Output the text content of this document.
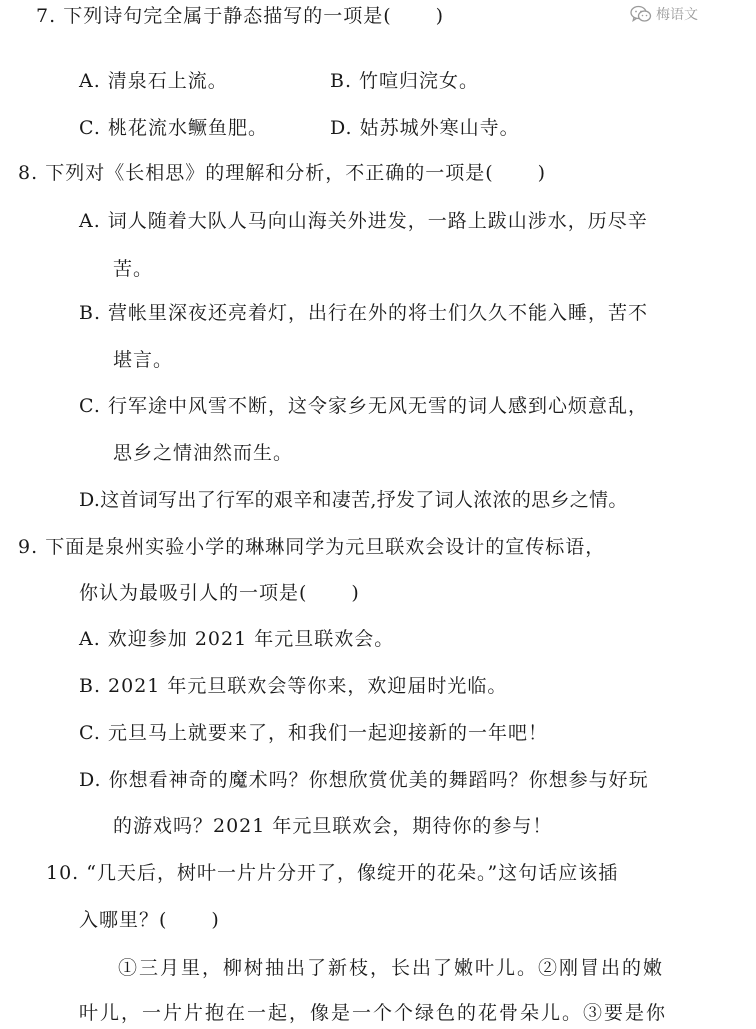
梅语文
7. 下列诗句完全属于静态描写的一项是( )
A. 清泉石上流。	B. 竹喧归浣女。
C. 桃花流水鳜鱼肥。	D. 姑苏城外寒山寺。
8. 下列对《长相思》的理解和分析，不正确的一项是( )
A. 词人随着大队人马向山海关外进发，一路上跋山涉水，历尽辛
苦。
B. 营帐里深夜还亮着灯，出行在外的将士们久久不能入睡，苦不
堪言。
C. 行军途中风雪不断，这令家乡无风无雪的词人感到心烦意乱，
思乡之情油然而生。
D.这首词写出了行军的艰辛和凄苦,抒发了词人浓浓的思乡之情。
9. 下面是泉州实验小学的琳琳同学为元旦联欢会设计的宣传标语，
你认为最吸引人的一项是( )
A. 欢迎参加 2021 年元旦联欢会。
B. 2021 年元旦联欢会等你来，欢迎届时光临。
C. 元旦马上就要来了，和我们一起迎接新的一年吧！
D. 你想看神奇的魔术吗？你想欣赏优美的舞蹈吗？你想参与好玩
的游戏吗？2021 年元旦联欢会，期待你的参与！
10. “几天后，树叶一片片分开了，像绽开的花朵。”这句话应该插
入哪里？( )
①三月里，柳树抽出了新枝，长出了嫩叶儿。②刚冒出的嫩
叶儿，一片片抱在一起，像是一个个绿色的花骨朵儿。③要是你
